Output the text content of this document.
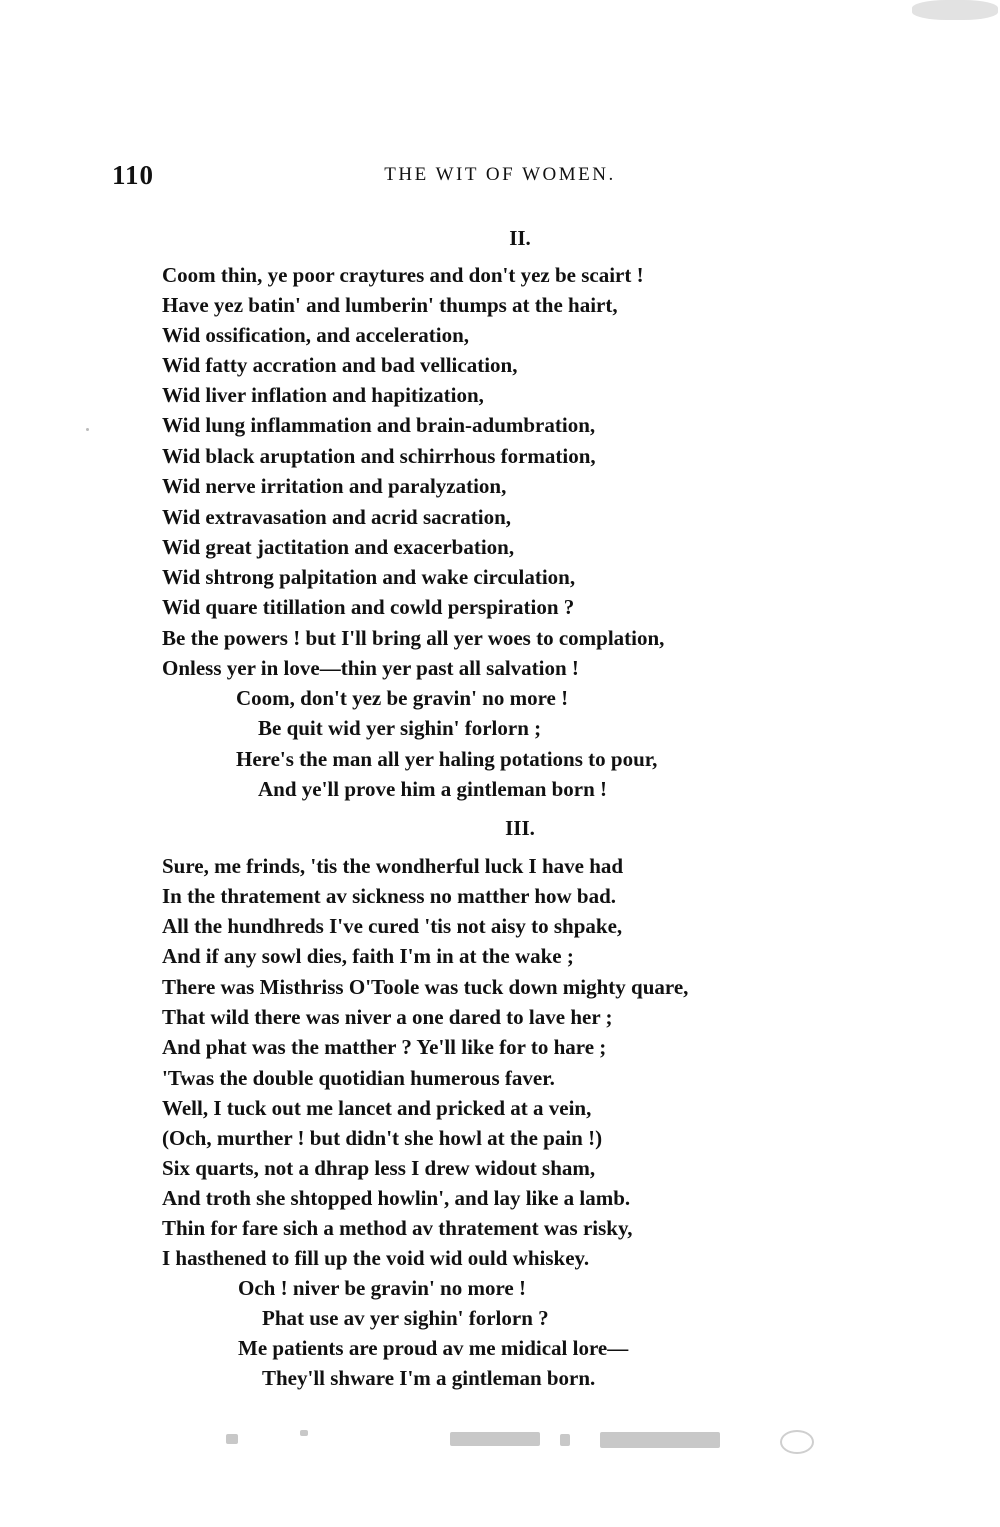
110	THE WIT OF WOMEN.
II.
Coom thin, ye poor craytures and don't yez be scairt !
Have yez batin' and lumberin' thumps at the hairt,
Wid ossification, and acceleration,
Wid fatty accration and bad vellication,
Wid liver inflation and hapitization,
Wid lung inflammation and brain-adumbration,
Wid black aruptation and schirrhous formation,
Wid nerve irritation and paralyzation,
Wid extravasation and acrid sacration,
Wid great jactitation and exacerbation,
Wid shtrong palpitation and wake circulation,
Wid quare titillation and cowld perspiration ?
Be the powers ! but I'll bring all yer woes to complation,
Onless yer in love—thin yer past all salvation !
Coom, don't yez be gravin' no more !
Be quit wid yer sighin' forlorn ;
Here's the man all yer haling potations to pour,
And ye'll prove him a gintleman born !
III.
Sure, me frinds, 'tis the wondherful luck I have had
In the thratement av sickness no matther how bad.
All the hundhreds I've cured 'tis not aisy to shpake,
And if any sowl dies, faith I'm in at the wake ;
There was Misthriss O'Toole was tuck down mighty quare,
That wild there was niver a one dared to lave her ;
And phat was the matther ? Ye'll like for to hare ;
'Twas the double quotidian humerous faver.
Well, I tuck out me lancet and pricked at a vein,
(Och, murther ! but didn't she howl at the pain !)
Six quarts, not a dhrap less I drew widout sham,
And troth she shtopped howlin', and lay like a lamb.
Thin for fare sich a method av thratement was risky,
I hasthened to fill up the void wid ould whiskey.
Och ! niver be gravin' no more !
Phat use av yer sighin' forlorn ?
Me patients are proud av me midical lore—
They'll shware I'm a gintleman born.
